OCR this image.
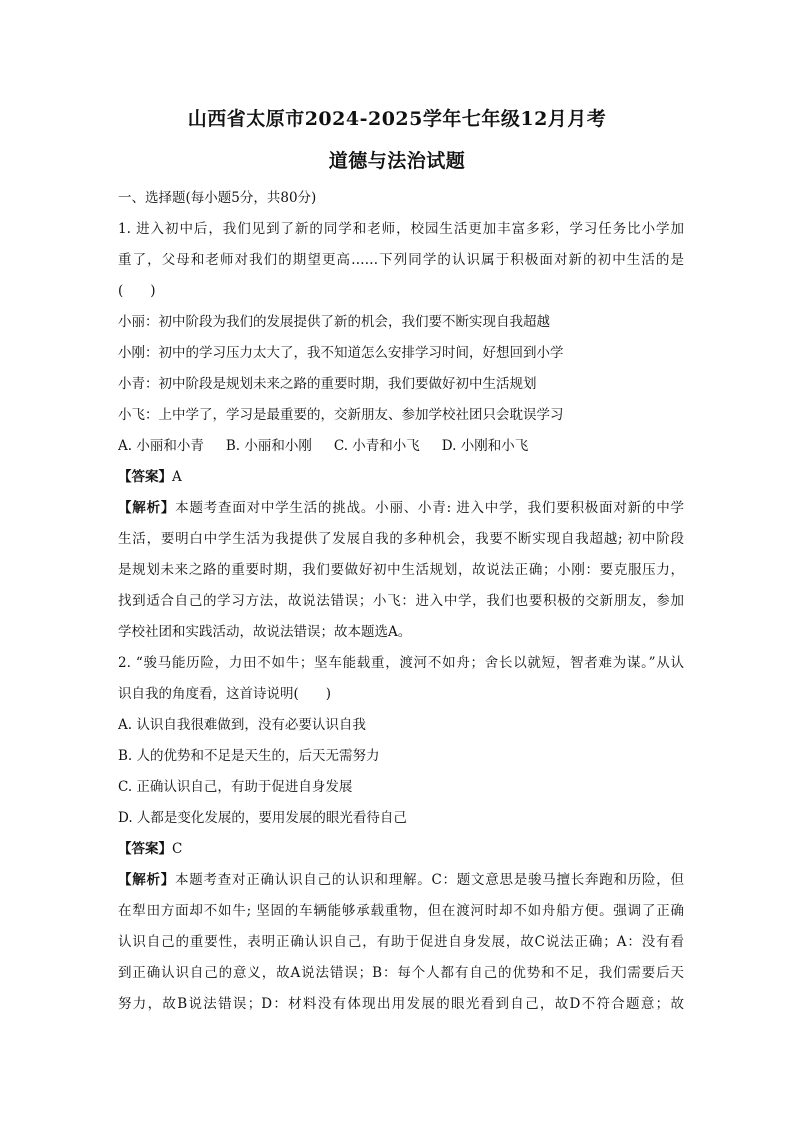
山西省太原市2024-2025学年七年级12月月考
道德与法治试题
一、选择题(每小题5分，共80分)
1. 进入初中后，我们见到了新的同学和老师，校园生活更加丰富多彩，学习任务比小学加
重了，父母和老师对我们的期望更高……下列同学的认识属于积极面对新的初中生活的是
(　　)
小丽：初中阶段为我们的发展提供了新的机会，我们要不断实现自我超越
小刚：初中的学习压力太大了，我不知道怎么安排学习时间，好想回到小学
小青：初中阶段是规划未来之路的重要时期，我们要做好初中生活规划
小飞：上中学了，学习是最重要的，交新朋友、参加学校社团只会耽误学习
A. 小丽和小青 B. 小丽和小刚 C. 小青和小飞 D. 小刚和小飞
【答案】A
【解析】本题考查面对中学生活的挑战。小丽、小青: 进入中学，我们要积极面对新的中学
生活，要明白中学生活为我提供了发展自我的多种机会，我要不断实现自我超越; 初中阶段
是规划未来之路的重要时期，我们要做好初中生活规划，故说法正确；小刚：要克服压力，
找到适合自己的学习方法，故说法错误；小飞：进入中学，我们也要积极的交新朋友，参加
学校社团和实践活动，故说法错误；故本题选A。
2. “骏马能历险，力田不如牛；坚车能载重，渡河不如舟；舍长以就短，智者难为谋。”从认
识自我的角度看，这首诗说明(　　)
A. 认识自我很难做到，没有必要认识自我
B. 人的优势和不足是天生的，后天无需努力
C. 正确认识自己，有助于促进自身发展
D. 人都是变化发展的，要用发展的眼光看待自己
【答案】C
【解析】本题考查对正确认识自己的认识和理解。C：题文意思是骏马擅长奔跑和历险，但
在犁田方面却不如牛; 坚固的车辆能够承载重物，但在渡河时却不如舟船方便。强调了正确
认识自己的重要性，表明正确认识自己，有助于促进自身发展，故C说法正确；A：没有看
到正确认识自己的意义，故A说法错误；B：每个人都有自己的优势和不足，我们需要后天
努力，故B说法错误；D：材料没有体现出用发展的眼光看到自己，故D不符合题意；故
